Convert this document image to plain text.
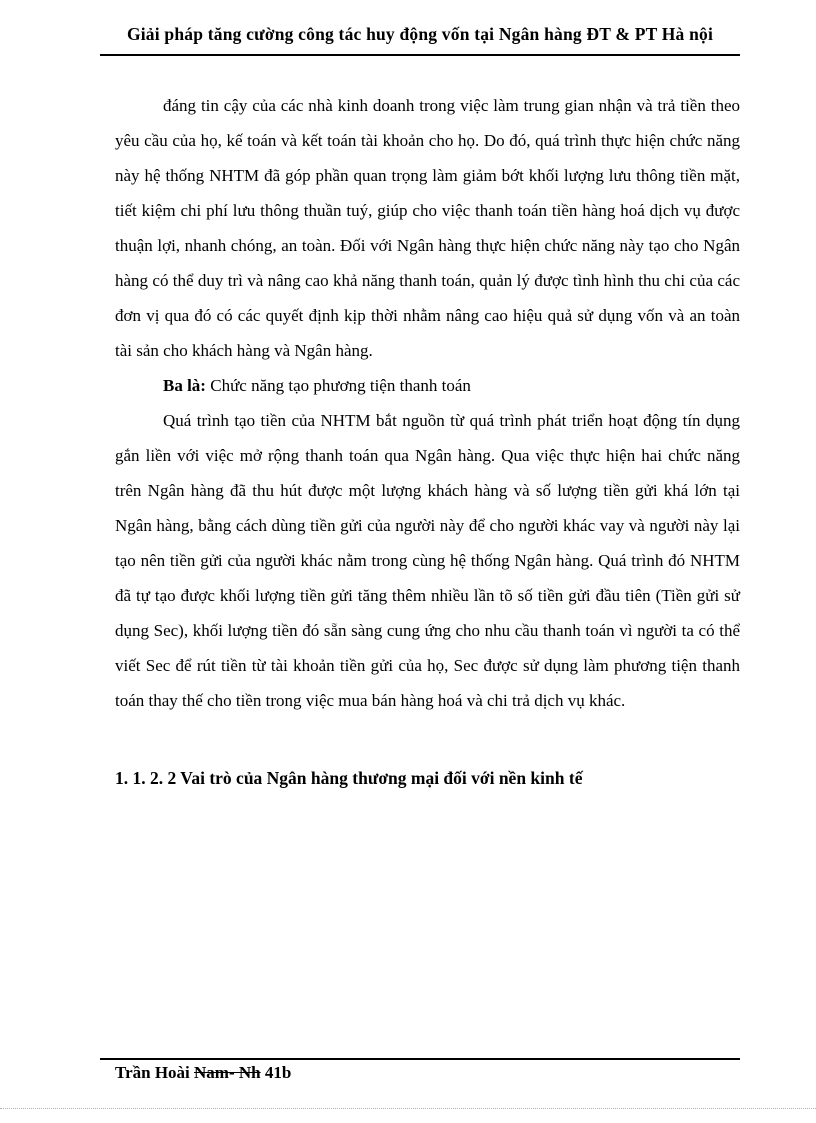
Giải pháp tăng cường công tác huy động vốn tại Ngân hàng ĐT & PT Hà nội

đáng tin cậy của các nhà kinh doanh trong việc làm trung gian nhận và trả tiền theo yêu cầu của họ, kế toán và kết toán tài khoản cho họ. Do đó, quá trình thực hiện chức năng này hệ thống NHTM đã góp phần quan trọng làm giảm bớt khối lượng lưu thông tiền mặt, tiết kiệm chi phí lưu thông thuần tuý, giúp cho việc thanh toán tiền hàng hoá dịch vụ được thuận lợi, nhanh chóng, an toàn. Đối với Ngân hàng thực hiện chức năng này tạo cho Ngân hàng có thể duy trì và nâng cao khả năng thanh toán, quản lý được tình hình thu chi của các đơn vị qua đó có các quyết định kịp thời nhằm nâng cao hiệu quả sử dụng vốn và an toàn tài sản cho khách hàng và Ngân hàng.

Ba là: Chức năng tạo phương tiện thanh toán

Quá trình tạo tiền của NHTM bắt nguồn từ quá trình phát triển hoạt động tín dụng gắn liền với việc mở rộng thanh toán qua Ngân hàng. Qua việc thực hiện hai chức năng trên Ngân hàng đã thu hút được một lượng khách hàng và số lượng tiền gửi khá lớn tại Ngân hàng, bằng cách dùng tiền gửi của người này để cho người khác vay và người này lại tạo nên tiền gửi của người khác nằm trong cùng hệ thống Ngân hàng. Quá trình đó NHTM đã tự tạo được khối lượng tiền gửi tăng thêm nhiều lần tõ số tiền gửi đầu tiên (Tiền gửi sử dụng Sec), khối lượng tiền đó sẵn sàng cung ứng cho nhu cầu thanh toán vì người ta có thể viết Sec để rút tiền từ tài khoản tiền gửi của họ, Sec được sử dụng làm phương tiện thanh toán thay thế cho tiền trong việc mua bán hàng hoá và chi trả dịch vụ khác.

1. 1. 2. 2 Vai trò của Ngân hàng thương mại đối với nền kinh tế

Trần Hoài Nam- Nh 41b
